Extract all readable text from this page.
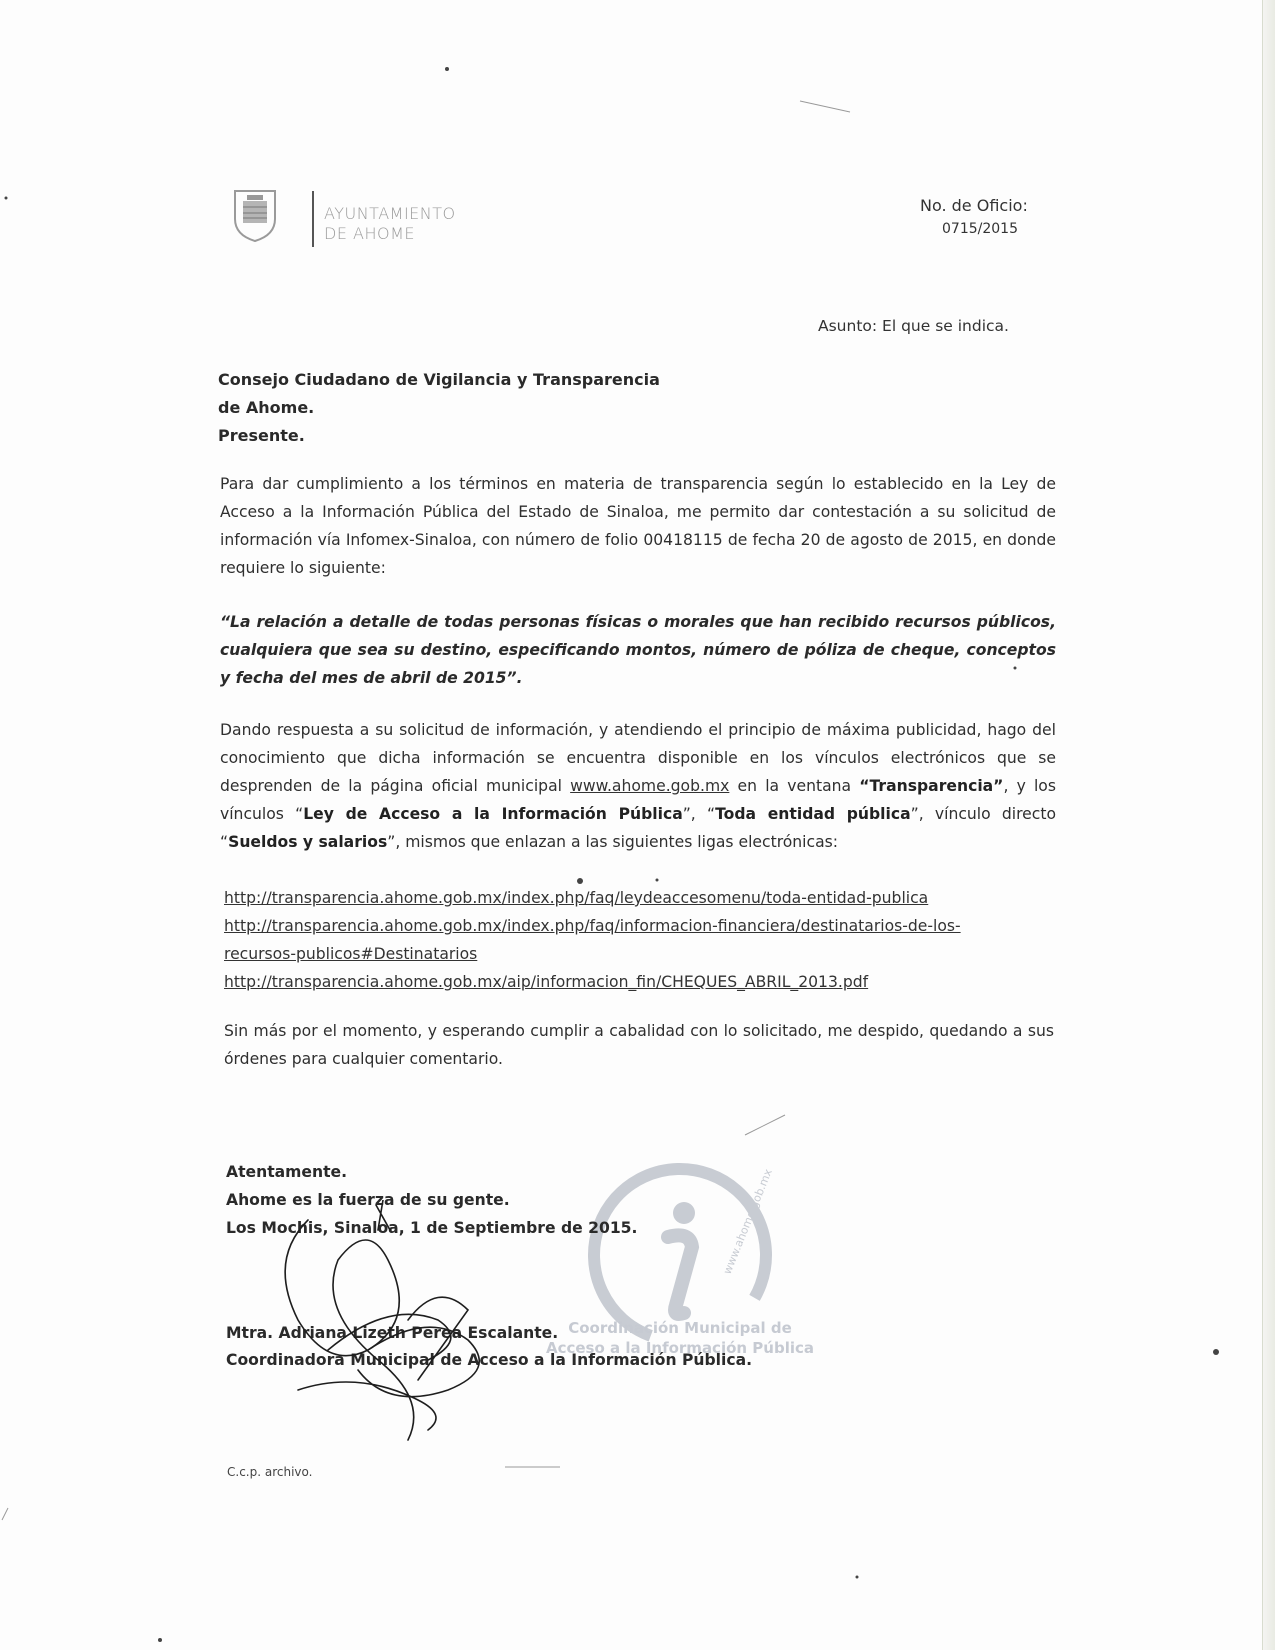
AYUNTAMIENTO
DE AHOME
No. de Oficio:
0715/2015
Asunto: El que se indica.
Consejo Ciudadano de Vigilancia y Transparencia
de Ahome.
Presente.
Para dar cumplimiento a los términos en materia de transparencia según lo establecido en la Ley de Acceso a la Información Pública del Estado de Sinaloa, me permito dar contestación a su solicitud de información vía Infomex-Sinaloa, con número de folio 00418115 de fecha 20 de agosto de 2015, en donde requiere lo siguiente:
“La relación a detalle de todas personas físicas o morales que han recibido recursos públicos, cualquiera que sea su destino, especificando montos, número de póliza de cheque, conceptos y fecha del mes de abril de 2015”.
Dando respuesta a su solicitud de información, y atendiendo el principio de máxima publicidad, hago del conocimiento que dicha información se encuentra disponible en los vínculos electrónicos que se desprenden de la página oficial municipal www.ahome.gob.mx en la ventana “Transparencia”, y los vínculos “Ley de Acceso a la Información Pública”, “Toda entidad pública”, vínculo directo “Sueldos y salarios”, mismos que enlazan a las siguientes ligas electrónicas:
http://transparencia.ahome.gob.mx/index.php/faq/leydeaccesomenu/toda-entidad-publica
http://transparencia.ahome.gob.mx/index.php/faq/informacion-financiera/destinatarios-de-los-
recursos-publicos#Destinatarios
http://transparencia.ahome.gob.mx/aip/informacion_fin/CHEQUES_ABRIL_2013.pdf
Sin más por el momento, y esperando cumplir a cabalidad con lo solicitado, me despido, quedando a sus órdenes para cualquier comentario.
www.ahome.gob.mx
Coordinación Municipal de
Acceso a la Información Pública
Atentamente.
Ahome es la fuerza de su gente.
Los Mochis, Sinaloa, 1 de Septiembre de 2015.
Mtra. Adriana Lizeth Perea Escalante.
Coordinadora Municipal de Acceso a la Información Pública.
C.c.p. archivo.
